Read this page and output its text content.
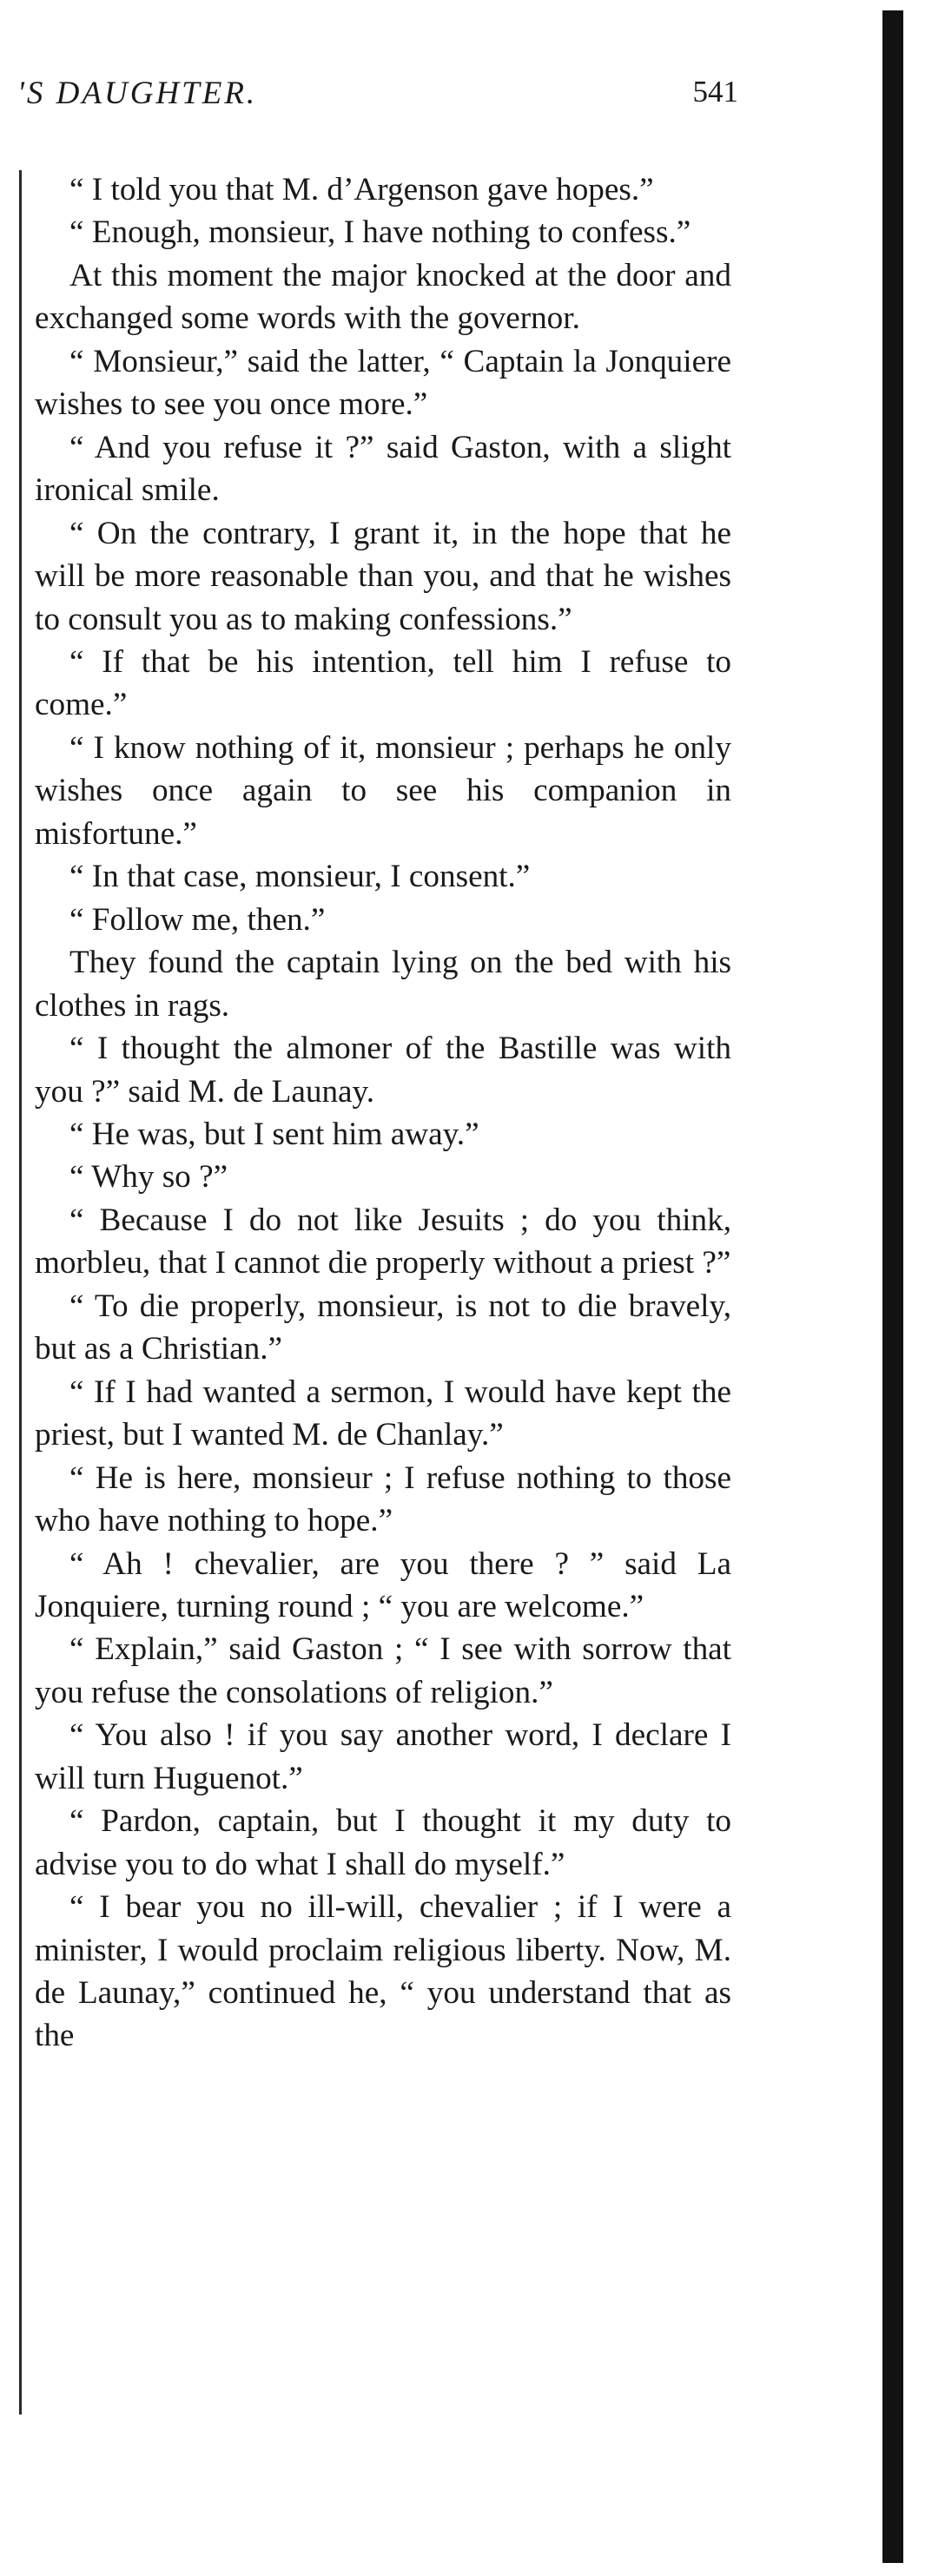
'S DAUGHTER.	541

“ I told you that M. d’Argenson gave hopes.”

“ Enough, monsieur, I have nothing to confess.”

At this moment the major knocked at the door and exchanged some words with the governor.

“ Monsieur,” said the latter, “ Captain la Jonquiere wishes to see you once more.”

“ And you refuse it ?” said Gaston, with a slight ironical smile.

“ On the contrary, I grant it, in the hope that he will be more reasonable than you, and that he wishes to consult you as to making confessions.”

“ If that be his intention, tell him I refuse to come.”

“ I know nothing of it, monsieur ; perhaps he only wishes once again to see his companion in misfortune.”

“ In that case, monsieur, I consent.”

“ Follow me, then.”

They found the captain lying on the bed with his clothes in rags.

“ I thought the almoner of the Bastille was with you ?” said M. de Launay.

“ He was, but I sent him away.”

“ Why so ?”

“ Because I do not like Jesuits ; do you think, morbleu, that I cannot die properly without a priest ?”

“ To die properly, monsieur, is not to die bravely, but as a Christian.”

“ If I had wanted a sermon, I would have kept the priest, but I wanted M. de Chanlay.”

“ He is here, monsieur ; I refuse nothing to those who have nothing to hope.”

“ Ah ! chevalier, are you there ? ” said La Jonquiere, turning round ; “ you are welcome.”

“ Explain,” said Gaston ; “ I see with sorrow that you refuse the consolations of religion.”

“ You also ! if you say another word, I declare I will turn Huguenot.”

“ Pardon, captain, but I thought it my duty to advise you to do what I shall do myself.”

“ I bear you no ill-will, chevalier ; if I were a minister, I would proclaim religious liberty. Now, M. de Launay,” continued he, “ you understand that as the
